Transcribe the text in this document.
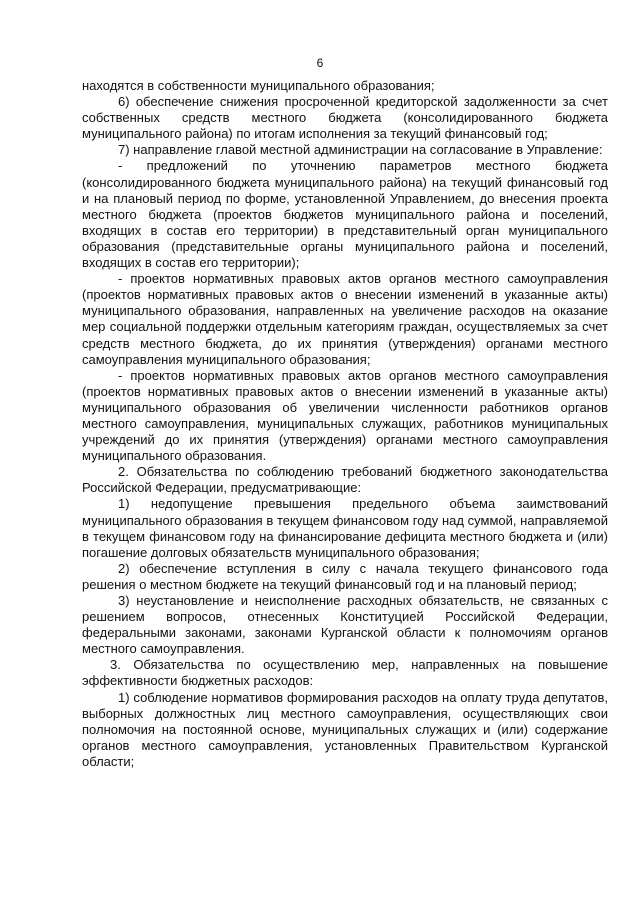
6

находятся в собственности муниципального образования;

6) обеспечение снижения просроченной кредиторской задолженности за счет собственных средств местного бюджета (консолидированного бюджета муниципального района) по итогам исполнения за текущий финансовый год;

7) направление главой местной администрации на согласование в Управление:

- предложений по уточнению параметров местного бюджета (консолидированного бюджета муниципального района) на текущий финансовый год и на плановый период по форме, установленной Управлением, до внесения проекта местного бюджета (проектов бюджетов муниципального района и поселений, входящих в состав его территории) в представительный орган муниципального образования (представительные органы муниципального района и поселений, входящих в состав его территории);

- проектов нормативных правовых актов органов местного самоуправления (проектов нормативных правовых актов о внесении изменений в указанные акты) муниципального образования, направленных на увеличение расходов на оказание мер социальной поддержки отдельным категориям граждан, осуществляемых за счет средств местного бюджета, до их принятия (утверждения) органами местного самоуправления муниципального образования;

- проектов нормативных правовых актов органов местного самоуправления (проектов нормативных правовых актов о внесении изменений в указанные акты) муниципального образования об увеличении численности работников органов местного самоуправления, муниципальных служащих, работников муниципальных учреждений до их принятия (утверждения) органами местного самоуправления муниципального образования.

2. Обязательства по соблюдению требований бюджетного законодательства Российской Федерации, предусматривающие:

1) недопущение превышения предельного объема заимствований муниципального образования в текущем финансовом году над суммой, направляемой в текущем финансовом году на финансирование дефицита местного бюджета и (или) погашение долговых обязательств муниципального образования;

2) обеспечение вступления в силу с начала текущего финансового года решения о местном бюджете на текущий финансовый год и на плановый период;

3) неустановление и неисполнение расходных обязательств, не связанных с решением вопросов, отнесенных Конституцией Российской Федерации, федеральными законами, законами Курганской области к полномочиям органов местного самоуправления.

3. Обязательства по осуществлению мер, направленных на повышение эффективности бюджетных расходов:

1) соблюдение нормативов формирования расходов на оплату труда депутатов, выборных должностных лиц местного самоуправления, осуществляющих свои полномочия на постоянной основе, муниципальных служащих и (или) содержание органов местного самоуправления, установленных Правительством Курганской области;
